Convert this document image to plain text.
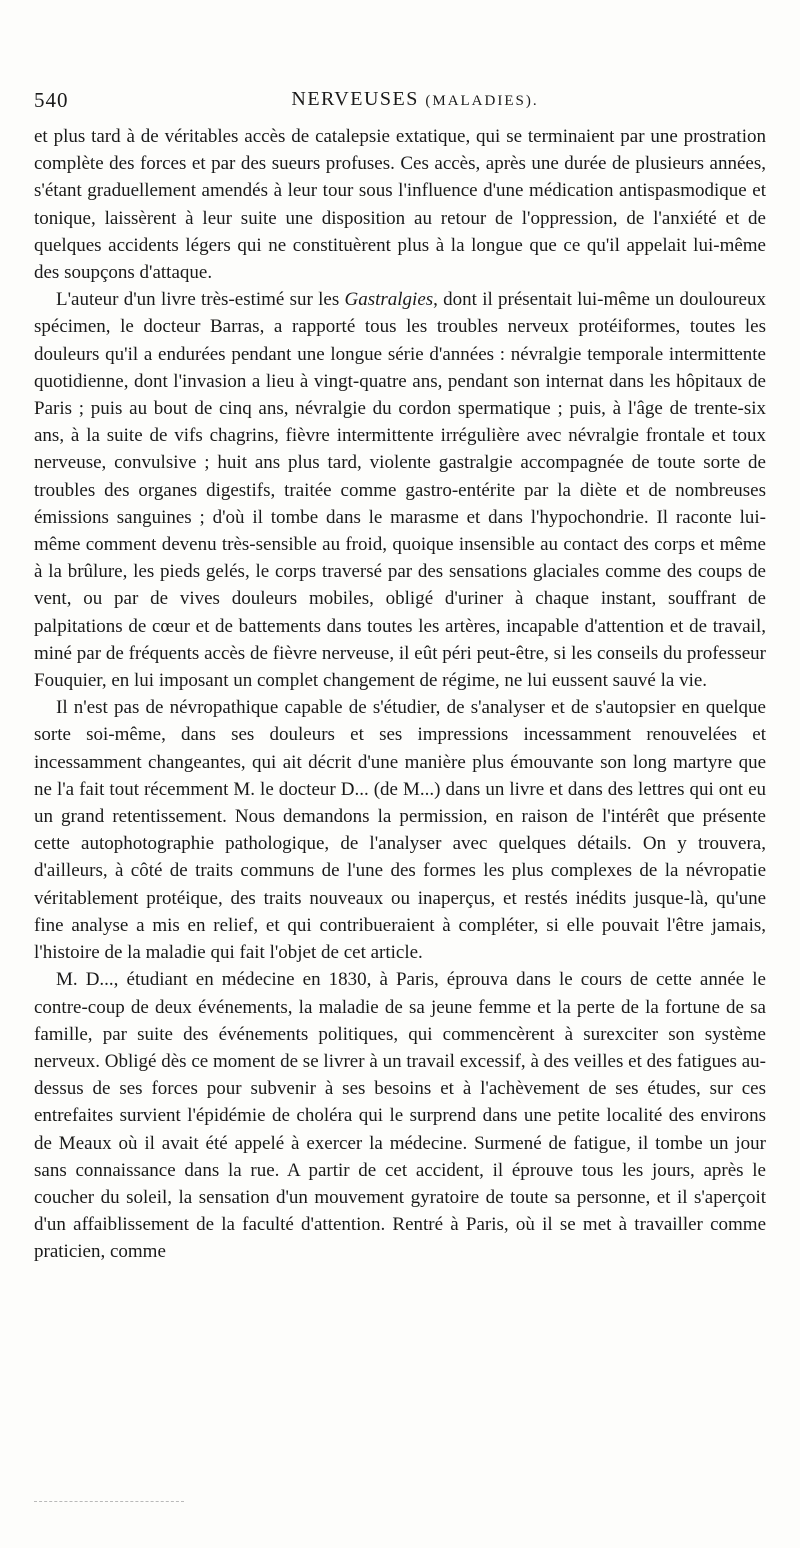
540	NERVEUSES (MALADIES).

et plus tard à de véritables accès de catalepsie extatique, qui se terminaient par une prostration complète des forces et par des sueurs profuses. Ces accès, après une durée de plusieurs années, s'étant graduellement amendés à leur tour sous l'influence d'une médication antispasmodique et tonique, laissèrent à leur suite une disposition au retour de l'oppression, de l'anxiété et de quelques accidents légers qui ne constituèrent plus à la longue que ce qu'il appelait lui-même des soupçons d'attaque.

L'auteur d'un livre très-estimé sur les Gastralgies, dont il présentait lui-même un douloureux spécimen, le docteur Barras, a rapporté tous les troubles nerveux protéiformes, toutes les douleurs qu'il a endurées pendant une longue série d'années : névralgie temporale intermittente quotidienne, dont l'invasion a lieu à vingt-quatre ans, pendant son internat dans les hôpitaux de Paris ; puis au bout de cinq ans, névralgie du cordon spermatique ; puis, à l'âge de trente-six ans, à la suite de vifs chagrins, fièvre intermittente irrégulière avec névralgie frontale et toux nerveuse, convulsive ; huit ans plus tard, violente gastralgie accompagnée de toute sorte de troubles des organes digestifs, traitée comme gastro-entérite par la diète et de nombreuses émissions sanguines ; d'où il tombe dans le marasme et dans l'hypochondrie. Il raconte lui-même comment devenu très-sensible au froid, quoique insensible au contact des corps et même à la brûlure, les pieds gelés, le corps traversé par des sensations glaciales comme des coups de vent, ou par de vives douleurs mobiles, obligé d'uriner à chaque instant, souffrant de palpitations de cœur et de battements dans toutes les artères, incapable d'attention et de travail, miné par de fréquents accès de fièvre nerveuse, il eût péri peut-être, si les conseils du professeur Fouquier, en lui imposant un complet changement de régime, ne lui eussent sauvé la vie.

Il n'est pas de névropathique capable de s'étudier, de s'analyser et de s'autopsier en quelque sorte soi-même, dans ses douleurs et ses impressions incessamment renouvelées et incessamment changeantes, qui ait décrit d'une manière plus émouvante son long martyre que ne l'a fait tout récemment M. le docteur D... (de M...) dans un livre et dans des lettres qui ont eu un grand retentissement. Nous demandons la permission, en raison de l'intérêt que présente cette autophotographie pathologique, de l'analyser avec quelques détails. On y trouvera, d'ailleurs, à côté de traits communs de l'une des formes les plus complexes de la névropatie véritablement protéique, des traits nouveaux ou inaperçus, et restés inédits jusque-là, qu'une fine analyse a mis en relief, et qui contribueraient à compléter, si elle pouvait l'être jamais, l'histoire de la maladie qui fait l'objet de cet article.

M. D..., étudiant en médecine en 1830, à Paris, éprouva dans le cours de cette année le contre-coup de deux événements, la maladie de sa jeune femme et la perte de la fortune de sa famille, par suite des événements politiques, qui commencèrent à surexciter son système nerveux. Obligé dès ce moment de se livrer à un travail excessif, à des veilles et des fatigues au-dessus de ses forces pour subvenir à ses besoins et à l'achèvement de ses études, sur ces entrefaites survient l'épidémie de choléra qui le surprend dans une petite localité des environs de Meaux où il avait été appelé à exercer la médecine. Surmené de fatigue, il tombe un jour sans connaissance dans la rue. A partir de cet accident, il éprouve tous les jours, après le coucher du soleil, la sensation d'un mouvement gyratoire de toute sa personne, et il s'aperçoit d'un affaiblissement de la faculté d'attention. Rentré à Paris, où il se met à travailler comme praticien, comme
